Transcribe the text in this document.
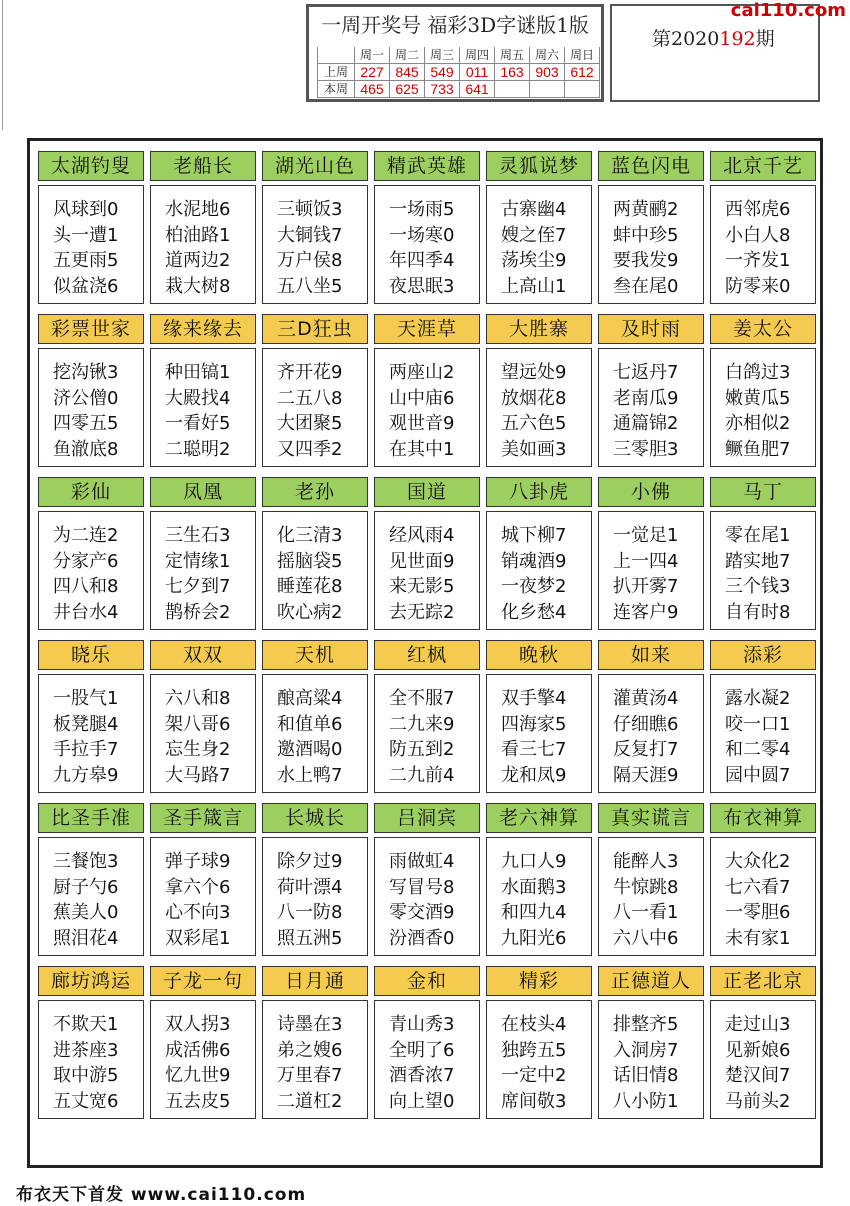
一周开奖号 福彩3D字谜版1版
	周一	周二	周三	周四	周五	周六	周日
上周	227	845	549	011	163	903	612
本周	465	625	733	641			
第2020192期
cai110.com
太湖钓叟
风球到0
头一遭1
五更雨5
似盆浇6
老船长
水泥地6
柏油路1
道两边2
栽大树8
湖光山色
三顿饭3
大铜钱7
万户侯8
五八坐5
精武英雄
一场雨5
一场寒0
年四季4
夜思眠3
灵狐说梦
古寨幽4
嫂之侄7
荡埃尘9
上高山1
蓝色闪电
两黄鹂2
蚌中珍5
要我发9
叁在尾0
北京千艺
西邻虎6
小白人8
一齐发1
防零来0
彩票世家
挖沟锹3
济公僧0
四零五5
鱼澈底8
缘来缘去
种田镐1
大殿找4
一看好5
二聪明2
三D狂虫
齐开花9
二五八8
大团聚5
又四季2
天涯草
两座山2
山中庙6
观世音9
在其中1
大胜寨
望远处9
放烟花8
五六色5
美如画3
及时雨
七返丹7
老南瓜9
通篇锦2
三零胆3
姜太公
白鸽过3
嫩黄瓜5
亦相似2
鳜鱼肥7
彩仙
为二连2
分家产6
四八和8
井台水4
凤凰
三生石3
定情缘1
七夕到7
鹊桥会2
老孙
化三清3
摇脑袋5
睡莲花8
吹心病2
国道
经风雨4
见世面9
来无影5
去无踪2
八卦虎
城下柳7
销魂酒9
一夜梦2
化乡愁4
小佛
一觉足1
上一四4
扒开雾7
连客户9
马丁
零在尾1
踏实地7
三个钱3
自有时8
晓乐
一股气1
板凳腿4
手拉手7
九方皋9
双双
六八和8
架八哥6
忘生身2
大马路7
天机
酿高粱4
和值单6
邀酒喝0
水上鸭7
红枫
全不服7
二九来9
防五到2
二九前4
晚秋
双手擎4
四海家5
看三七7
龙和凤9
如来
灌黄汤4
仔细瞧6
反复打7
隔天涯9
添彩
露水凝2
咬一口1
和二零4
园中圆7
比圣手准
三餐饱3
厨子勺6
蕉美人0
照泪花4
圣手箴言
弹子球9
拿六个6
心不向3
双彩尾1
长城长
除夕过9
荷叶漂4
八一防8
照五洲5
吕洞宾
雨做虹4
写冒号8
零交酒9
汾酒香0
老六神算
九口人9
水面鹅3
和四九4
九阳光6
真实谎言
能醉人3
牛惊跳8
八一看1
六八中6
布衣神算
大众化2
七六看7
一零胆6
未有家1
廊坊鸿运
不欺天1
进茶座3
取中游5
五丈宽6
子龙一句
双人拐3
成活佛6
忆九世9
五去皮5
日月通
诗墨在3
弟之嫂6
万里春7
二道杠2
金和
青山秀3
全明了6
酒香浓7
向上望0
精彩
在枝头4
独跨五5
一定中2
席间敬3
正德道人
排整齐5
入洞房7
话旧情8
八小防1
正老北京
走过山3
见新娘6
楚汉间7
马前头2
布衣天下首发 www.cai110.com
